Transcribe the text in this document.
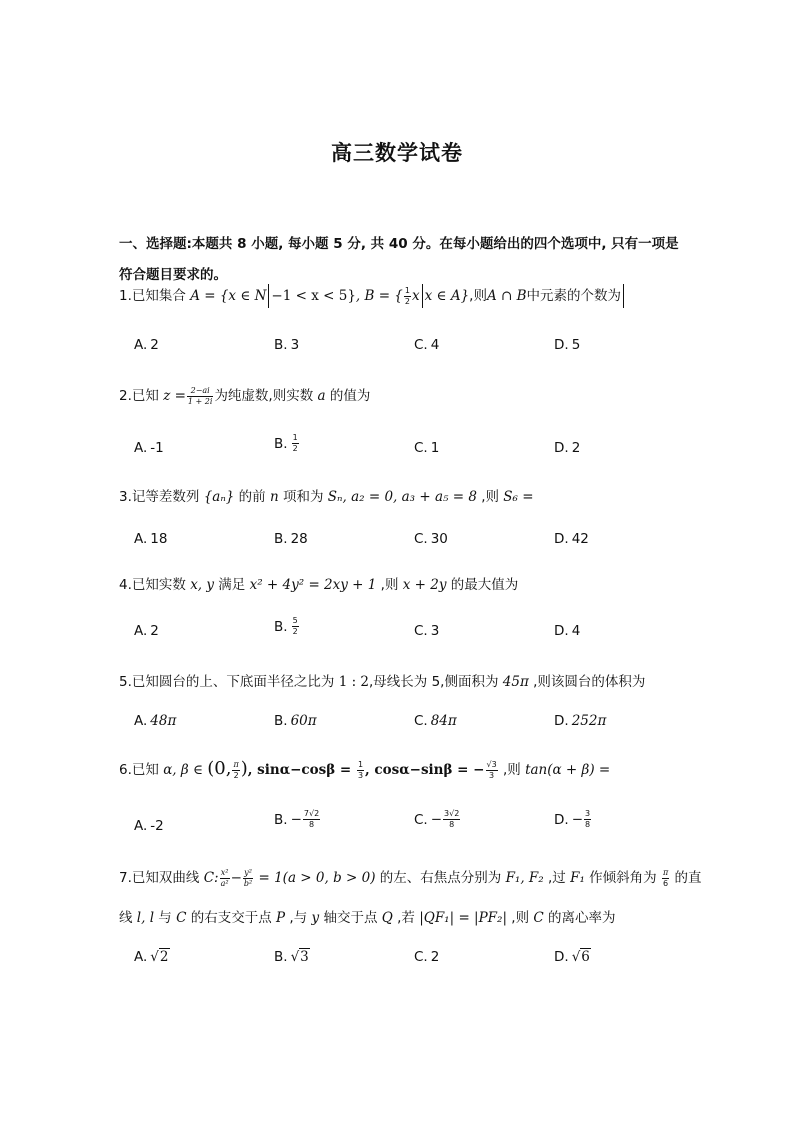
高三数学试卷
一、选择题:本题共 8 小题, 每小题 5 分, 共 40 分。在每小题给出的四个选项中, 只有一项是
符合题目要求的。
1.已知集合 A = {x ∈ N −1 < x < 5}, B = { $\frac{1}{2}$ x x ∈ A},则A ∩ B中元素的个数为
A. 2	B. 3	C. 4	D. 5
2.已知 $z = \frac{2-ai}{1 + 2i}$ 为纯虚数,则实数 a 的值为
A. -1	B. $\frac{1}{2}$	C. 1	D. 2
3.记等差数列 {aₙ} 的前 n 项和为 Sₙ, a₂ = 0, a₃ + a₅ = 8 ,则 S₆ =
A. 18	B. 28	C. 30	D. 42
4.已知实数 x, y 满足 x² + 4y² = 2xy + 1 ,则 x + 2y 的最大值为
A. 2	B. $\frac{5}{2}$	C. 3	D. 4
5.已知圆台的上、下底面半径之比为 1 : 2,母线长为 5,侧面积为 45π ,则该圆台的体积为
A. 48π	B. 60π	C. 84π	D. 252π
6.已知 α, β ∈ (0, $\frac{\pi}{2}$ ), $\sin\alpha-\cos\beta = \frac{1}{3}$ , cosα−sinβ = − $\frac{√3}{3}$ ,则 tan(α + β) =
A. -2	B. − $\frac{7√2}{8}$	C. − $\frac{3√2}{8}$	D. − $\frac{3}{8}$
7.已知双曲线 C: $\frac{\text{x²}}{\text{a²}} - \frac{\text{y²}}{\text{b²}} = 1(a > 0$, b > 0) 的左、右焦点分别为 F₁, F₂ ,过 F₁ 作倾斜角为 $\frac{\pi}{6}$ 的直
线 l, l 与 C 的右支交于点 P ,与 y 轴交于点 Q ,若 |QF₁| = |PF₂| ,则 C 的离心率为
A. √2	B. √3	C. 2	D. √6
